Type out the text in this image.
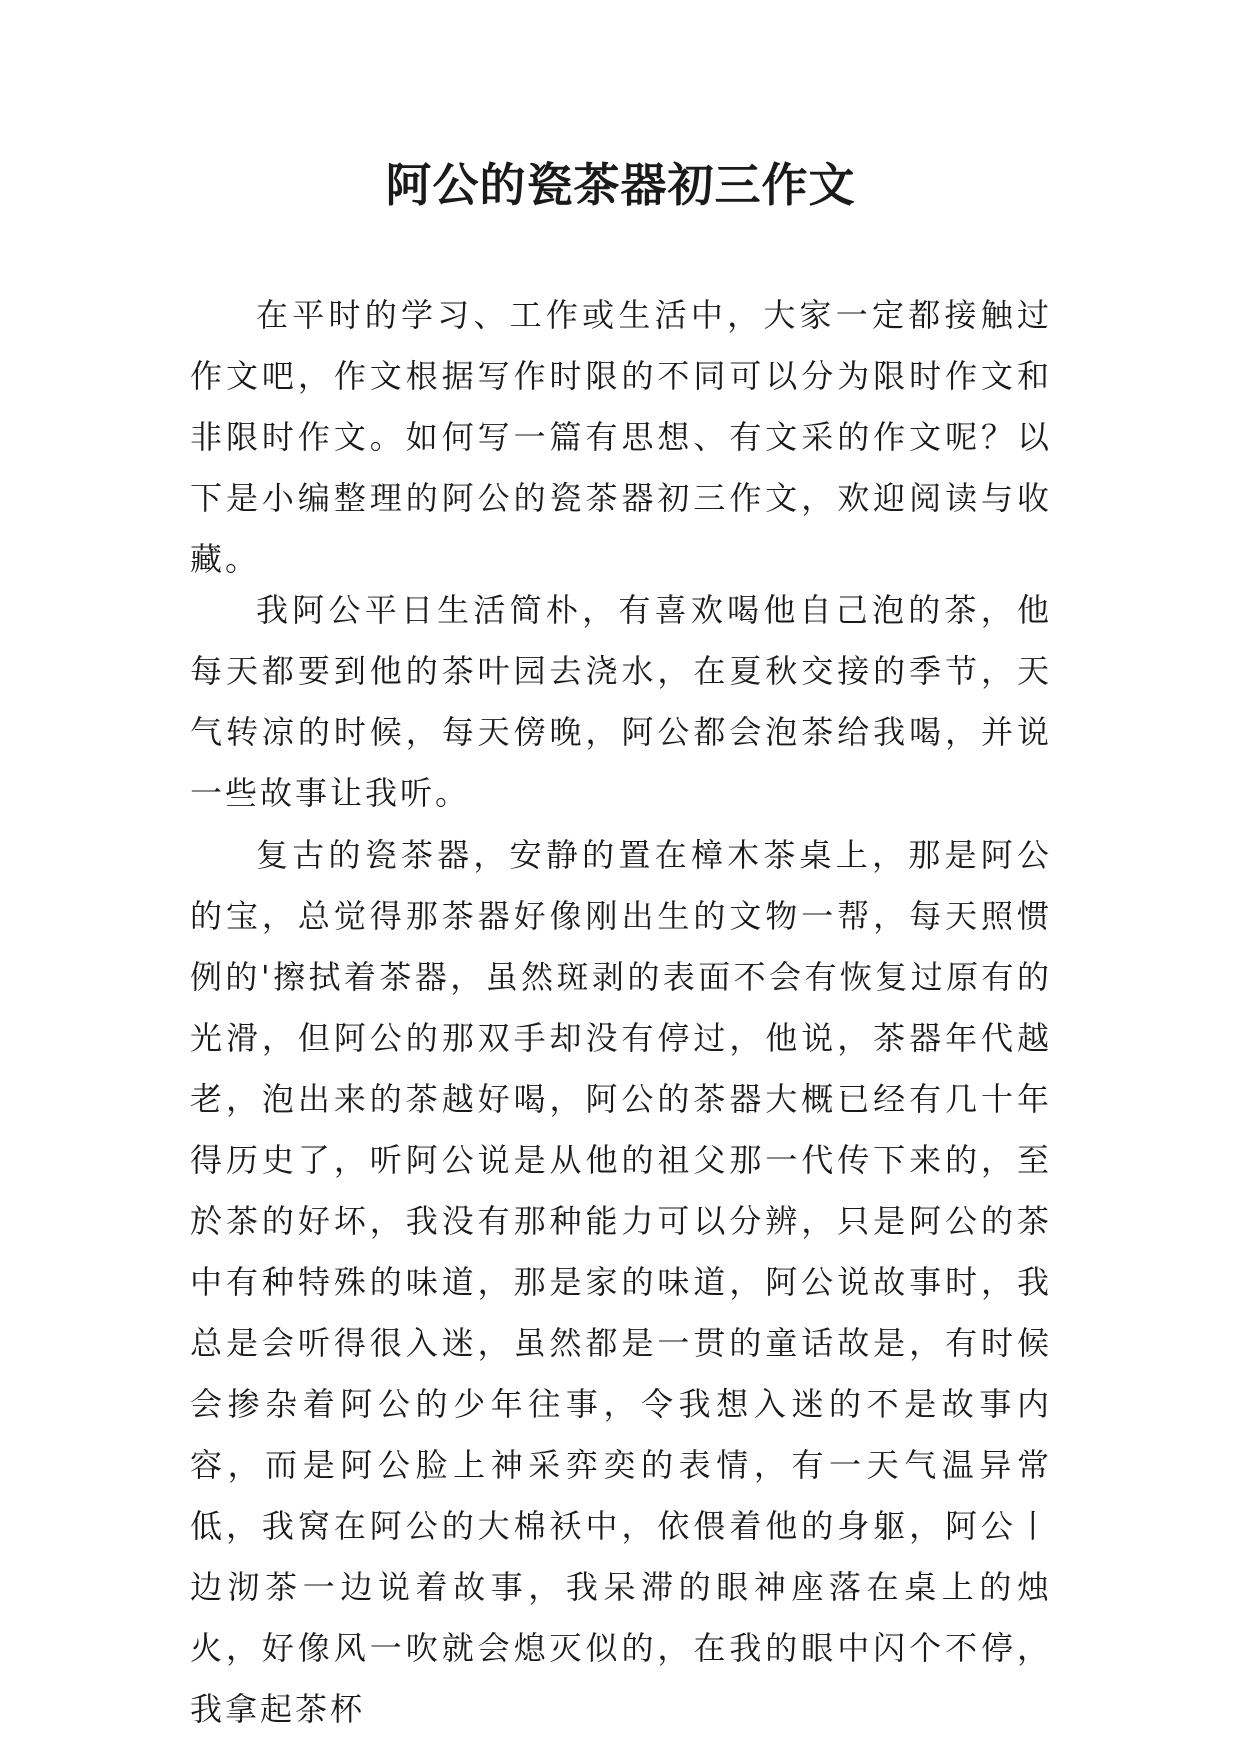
阿公的瓷茶器初三作文

在平时的学习、工作或生活中，大家一定都接触过作文吧，作文根据写作时限的不同可以分为限时作文和非限时作文。如何写一篇有思想、有文采的作文呢？以下是小编整理的阿公的瓷茶器初三作文，欢迎阅读与收藏。

我阿公平日生活简朴，有喜欢喝他自己泡的茶，他每天都要到他的茶叶园去浇水，在夏秋交接的季节，天气转凉的时候，每天傍晚，阿公都会泡茶给我喝，并说一些故事让我听。

复古的瓷茶器，安静的置在樟木茶桌上，那是阿公的宝，总觉得那茶器好像刚出生的文物一帮，每天照惯例的'擦拭着茶器，虽然斑剥的表面不会有恢复过原有的光滑，但阿公的那双手却没有停过，他说，茶器年代越老，泡出来的茶越好喝，阿公的茶器大概已经有几十年得历史了，听阿公说是从他的祖父那一代传下来的，至於茶的好坏，我没有那种能力可以分辨，只是阿公的茶中有种特殊的味道，那是家的味道，阿公说故事时，我总是会听得很入迷，虽然都是一贯的童话故是，有时候会掺杂着阿公的少年往事，令我想入迷的不是故事内容，而是阿公脸上神采弈奕的表情，有一天气温异常低，我窝在阿公的大棉袄中，依偎着他的身躯，阿公丨边沏茶一边说着故事，我呆滞的眼神座落在桌上的烛火，好像风一吹就会熄灭似的，在我的眼中闪个不停，我拿起茶杯
